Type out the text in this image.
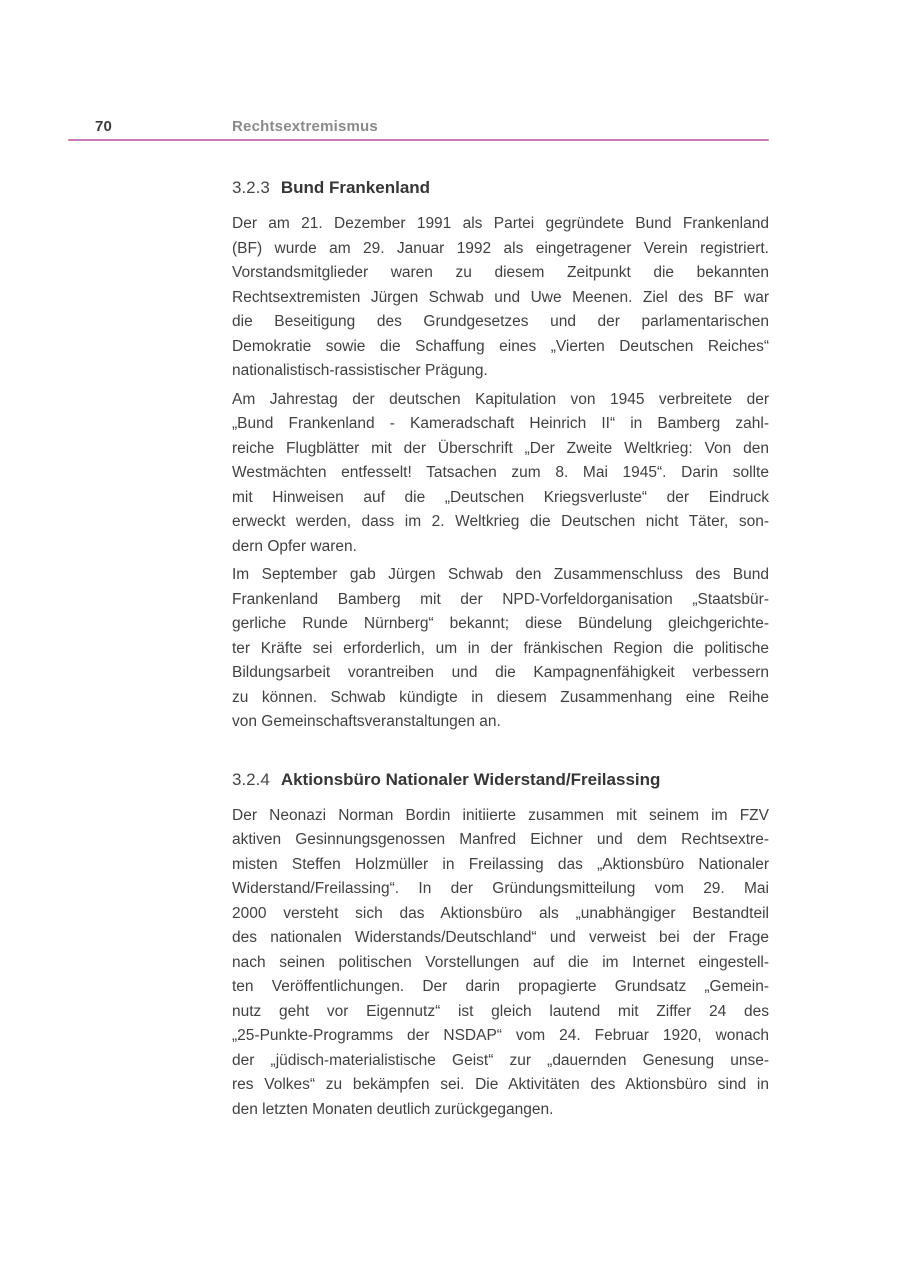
70	Rechtsextremismus
3.2.3 Bund Frankenland
Der am 21. Dezember 1991 als Partei gegründete Bund Frankenland
(BF) wurde am 29. Januar 1992 als eingetragener Verein registriert.
Vorstandsmitglieder waren zu diesem Zeitpunkt die bekannten
Rechtsextremisten Jürgen Schwab und Uwe Meenen. Ziel des BF war
die Beseitigung des Grundgesetzes und der parlamentarischen
Demokratie sowie die Schaffung eines „Vierten Deutschen Reiches“
nationalistisch-rassistischer Prägung.
Am Jahrestag der deutschen Kapitulation von 1945 verbreitete der
„Bund Frankenland - Kameradschaft Heinrich II“ in Bamberg zahl-
reiche Flugblätter mit der Überschrift „Der Zweite Weltkrieg: Von den
Westmächten entfesselt! Tatsachen zum 8. Mai 1945“. Darin sollte
mit Hinweisen auf die „Deutschen Kriegsverluste“ der Eindruck
erweckt werden, dass im 2. Weltkrieg die Deutschen nicht Täter, son-
dern Opfer waren.
Im September gab Jürgen Schwab den Zusammenschluss des Bund
Frankenland Bamberg mit der NPD-Vorfeldorganisation „Staatsbür-
gerliche Runde Nürnberg“ bekannt; diese Bündelung gleichgerichte-
ter Kräfte sei erforderlich, um in der fränkischen Region die politische
Bildungsarbeit vorantreiben und die Kampagnenfähigkeit verbessern
zu können. Schwab kündigte in diesem Zusammenhang eine Reihe
von Gemeinschaftsveranstaltungen an.
3.2.4 Aktionsbüro Nationaler Widerstand/Freilassing
Der Neonazi Norman Bordin initiierte zusammen mit seinem im FZV
aktiven Gesinnungsgenossen Manfred Eichner und dem Rechtsextre-
misten Steffen Holzmüller in Freilassing das „Aktionsbüro Nationaler
Widerstand/Freilassing“. In der Gründungsmitteilung vom 29. Mai
2000 versteht sich das Aktionsbüro als „unabhängiger Bestandteil
des nationalen Widerstands/Deutschland“ und verweist bei der Frage
nach seinen politischen Vorstellungen auf die im Internet eingestell-
ten Veröffentlichungen. Der darin propagierte Grundsatz „Gemein-
nutz geht vor Eigennutz“ ist gleich lautend mit Ziffer 24 des
„25-Punkte-Programms der NSDAP“ vom 24. Februar 1920, wonach
der „jüdisch-materialistische Geist“ zur „dauernden Genesung unse-
res Volkes“ zu bekämpfen sei. Die Aktivitäten des Aktionsbüro sind in
den letzten Monaten deutlich zurückgegangen.
